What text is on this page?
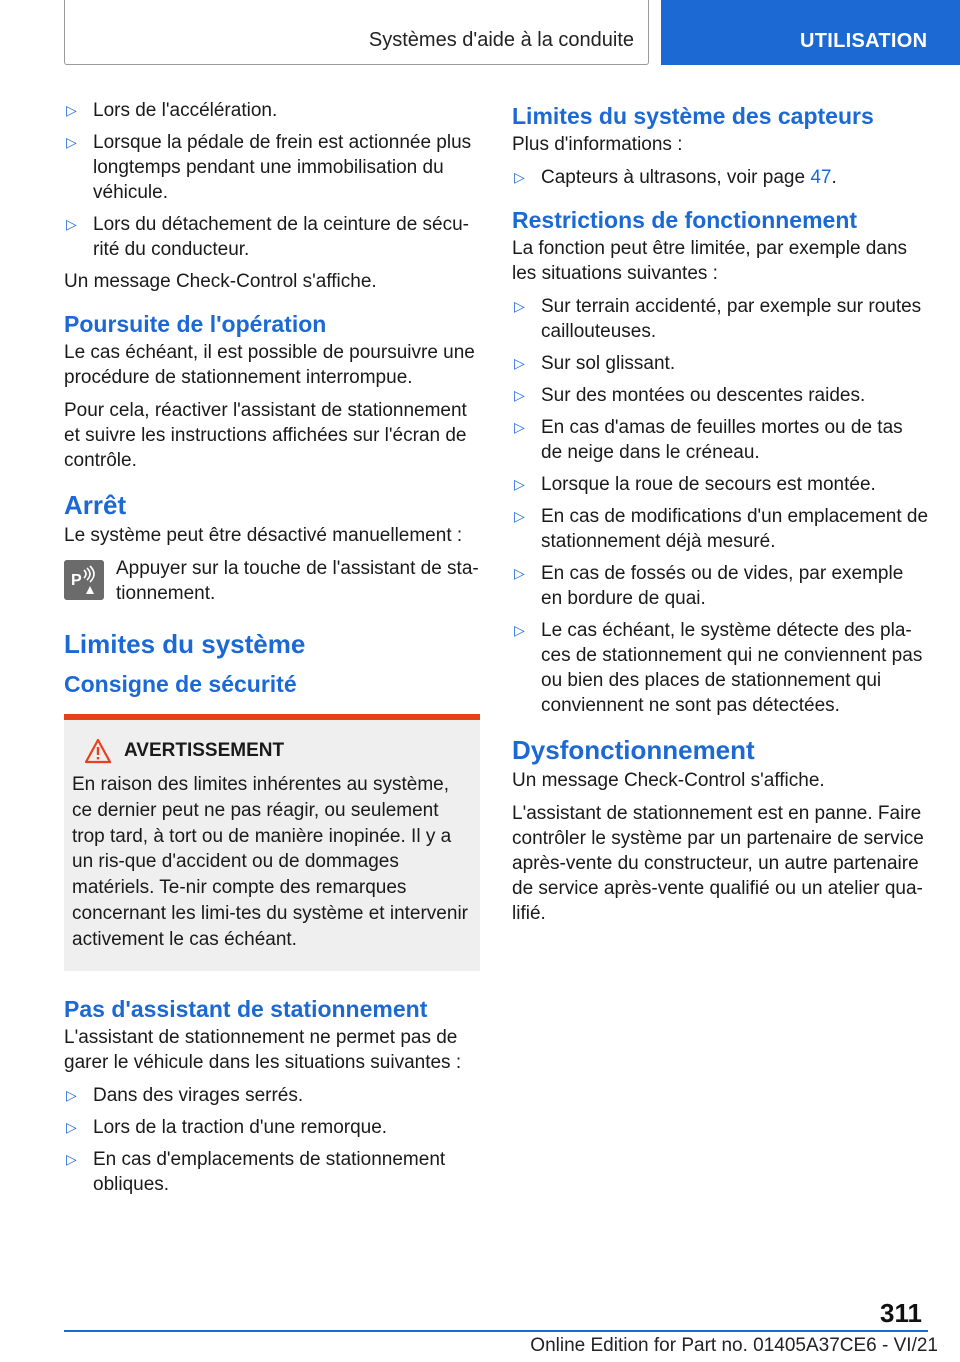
Systèmes d'aide à la conduite	UTILISATION
▷ Lors de l'accélération.
▷ Lorsque la pédale de frein est actionnée plus longtemps pendant une immobilisation du véhicule.
▷ Lors du détachement de la ceinture de sécu‐rité du conducteur.

Un message Check-Control s'affiche.

Poursuite de l'opération

Le cas échéant, il est possible de poursuivre une procédure de stationnement interrompue.

Pour cela, réactiver l'assistant de stationnement et suivre les instructions affichées sur l'écran de contrôle.

Arrêt

Le système peut être désactivé manuellement :

P

Appuyer sur la touche de l'assistant de sta‐tionnement.

Limites du système
Consigne de sécurité
AVERTISSEMENT

En raison des limites inhérentes au système, ce dernier peut ne pas réagir, ou seulement trop tard, à tort ou de manière inopinée. Il y a un ris‐que d'accident ou de dommages matériels. Te‐nir compte des remarques concernant les limi‐tes du système et intervenir activement le cas échéant.

Pas d'assistant de stationnement

L'assistant de stationnement ne permet pas de garer le véhicule dans les situations suivantes :

▷ Dans des virages serrés.
▷ Lors de la traction d'une remorque.
▷ En cas d'emplacements de stationnement obliques.
Limites du système des capteurs

Plus d'informations :

▷ Capteurs à ultrasons, voir page 47.
Restrictions de fonctionnement

La fonction peut être limitée, par exemple dans les situations suivantes :

▷ Sur terrain accidenté, par exemple sur routes caillouteuses.
▷ Sur sol glissant.
▷ Sur des montées ou descentes raides.
▷ En cas d'amas de feuilles mortes ou de tas de neige dans le créneau.
▷ Lorsque la roue de secours est montée.
▷ En cas de modifications d'un emplacement de stationnement déjà mesuré.
▷ En cas de fossés ou de vides, par exemple en bordure de quai.
▷ Le cas échéant, le système détecte des pla‐ces de stationnement qui ne conviennent pas ou bien des places de stationnement qui conviennent ne sont pas détectées.
Dysfonctionnement

Un message Check-Control s'affiche.

L'assistant de stationnement est en panne. Faire contrôler le système par un partenaire de service après-vente du constructeur, un autre partenaire de service après-vente qualifié ou un atelier qua‐lifié.

311
Online Edition for Part no. 01405A37CE6 - VI/21
